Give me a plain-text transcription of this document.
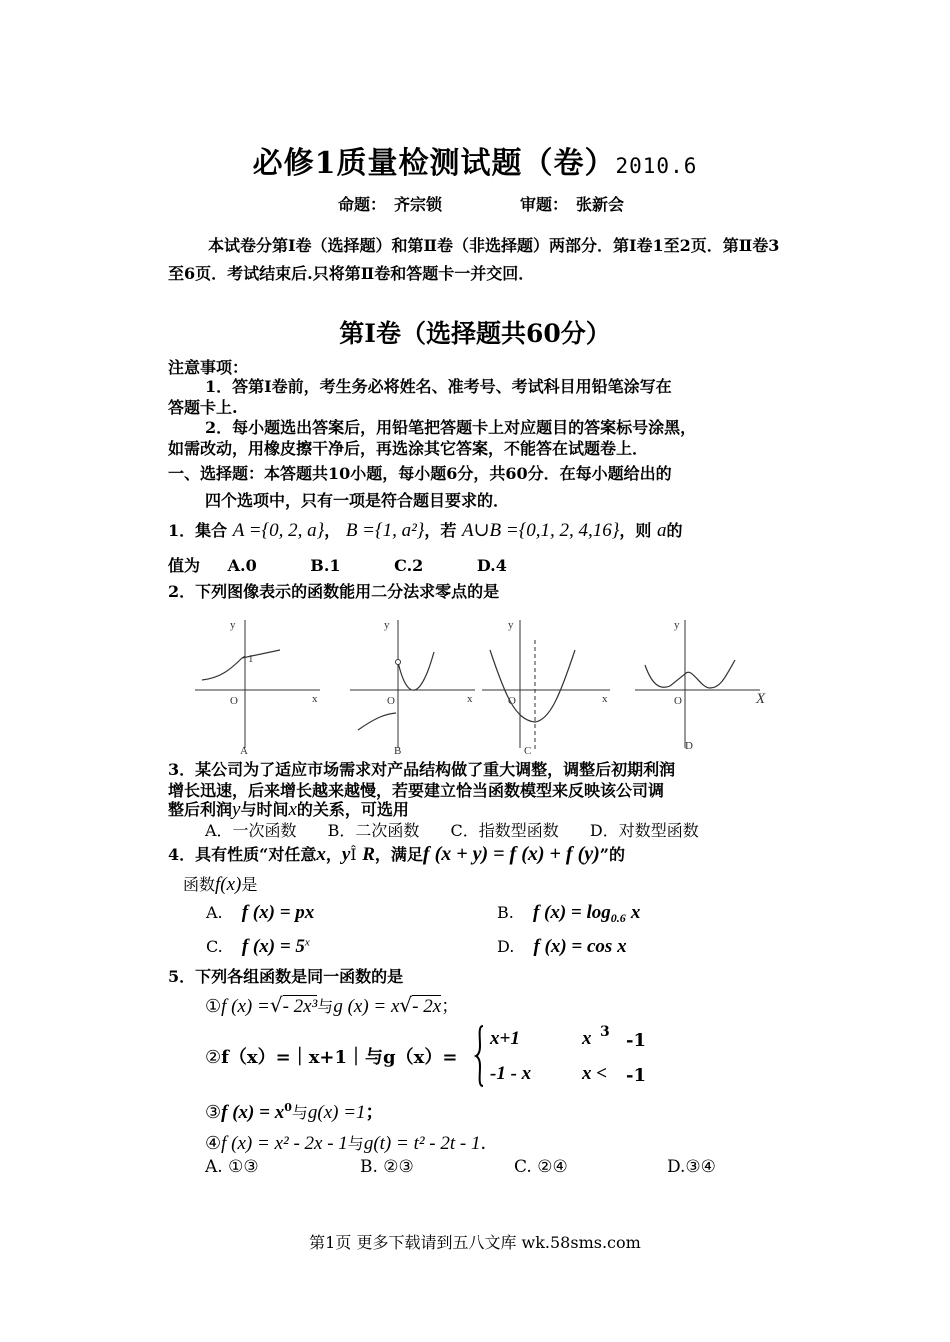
必修1质量检测试题（卷）2010.6
命题： 齐宗锁	审题： 张新会
本试卷分第Ⅰ卷（选择题）和第Ⅱ卷（非选择题）两部分．第Ⅰ卷1至2页．第Ⅱ卷3至6页．考试结束后.只将第Ⅱ卷和答题卡一并交回．
第Ⅰ卷（选择题共60分）
注意事项：
1．答第Ⅰ卷前，考生务必将姓名、准考号、考试科目用铅笔涂写在
答题卡上.
2．每小题选出答案后，用铅笔把答题卡上对应题目的答案标号涂黑，
如需改动，用橡皮擦干净后，再选涂其它答案，不能答在试题卷上．
一、选择题：本答题共10小题，每小题6分，共60分．在每小题给出的
四个选项中，只有一项是符合题目要求的．
1．集合 A ={0, 2, a}， B ={1, a²}，若 A∪B ={0,1, 2, 4,16}，则 a的
值为 A.0	B.1	C.2	D.4
2．下列图像表示的函数能用二分法求零点的是
y
x
O
1
A
y
x
O
B
y
x
O
C
y
X
O
D
3．某公司为了适应市场需求对产品结构做了重大调整，调整后初期利润
增长迅速，后来增长越来越慢，若要建立恰当函数模型来反映该公司调
整后利润y与时间x的关系，可选用
A．一次函数 B．二次函数 C．指数型函数 D．对数型函数
4．具有性质“对任意x，yÎ R，满足f (x + y) = f (x) + f (y)”的
函数f(x)是
A. f (x) = px	B. f $(x) = \log_{0.6} x$
C. f $(x) = 5^x$	D. f (x) = cos x
5．下列各组函数是同一函数的是
①f (x) =√- 2x³与g (x) = x√- 2x；
②f（x）=｜x+1｜与g（x）=
x+1	x 3 -1
-1 - x	x < -1
③f $(x) = x^0$与g(x) =1；
④f (x) = x² - 2x - 1与g(t) = t² - 2t - 1．
A. ①③	B. ②③	C. ②④	D.③④
第1页 更多下载请到五八文库 wk.58sms.com
